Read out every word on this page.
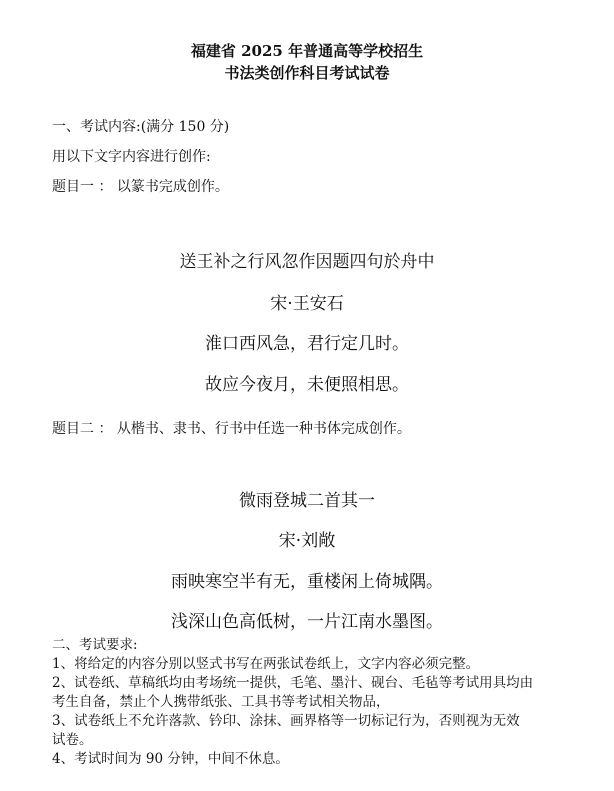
福建省 2025 年普通高等学校招生
书法类创作科目考试试卷
一、考试内容:(满分 150 分)
用以下文字内容进行创作:
题目一 ： 以篆书完成创作。
送王补之行风忽作因题四句於舟中
宋·王安石
淮口西风急，君行定几时。
故应今夜月，未便照相思。
题目二 ： 从楷书、隶书、行书中任选一种书体完成创作。
微雨登城二首其一
宋·刘敞
雨映寒空半有无，重楼闲上倚城隅。
浅深山色高低树，一片江南水墨图。
二、考试要求:
1、将给定的内容分别以竖式书写在两张试卷纸上，文字内容必须完整。
2、试卷纸、草稿纸均由考场统一提供，毛笔、墨汁、砚台、毛毡等考试用具均由
考生自备，禁止个人携带纸张、工具书等考试相关物品，
3、试卷纸上不允许落款、钤印、涂抹、画界格等一切标记行为，否则视为无效
试卷。
4、考试时间为 90 分钟，中间不休息。
